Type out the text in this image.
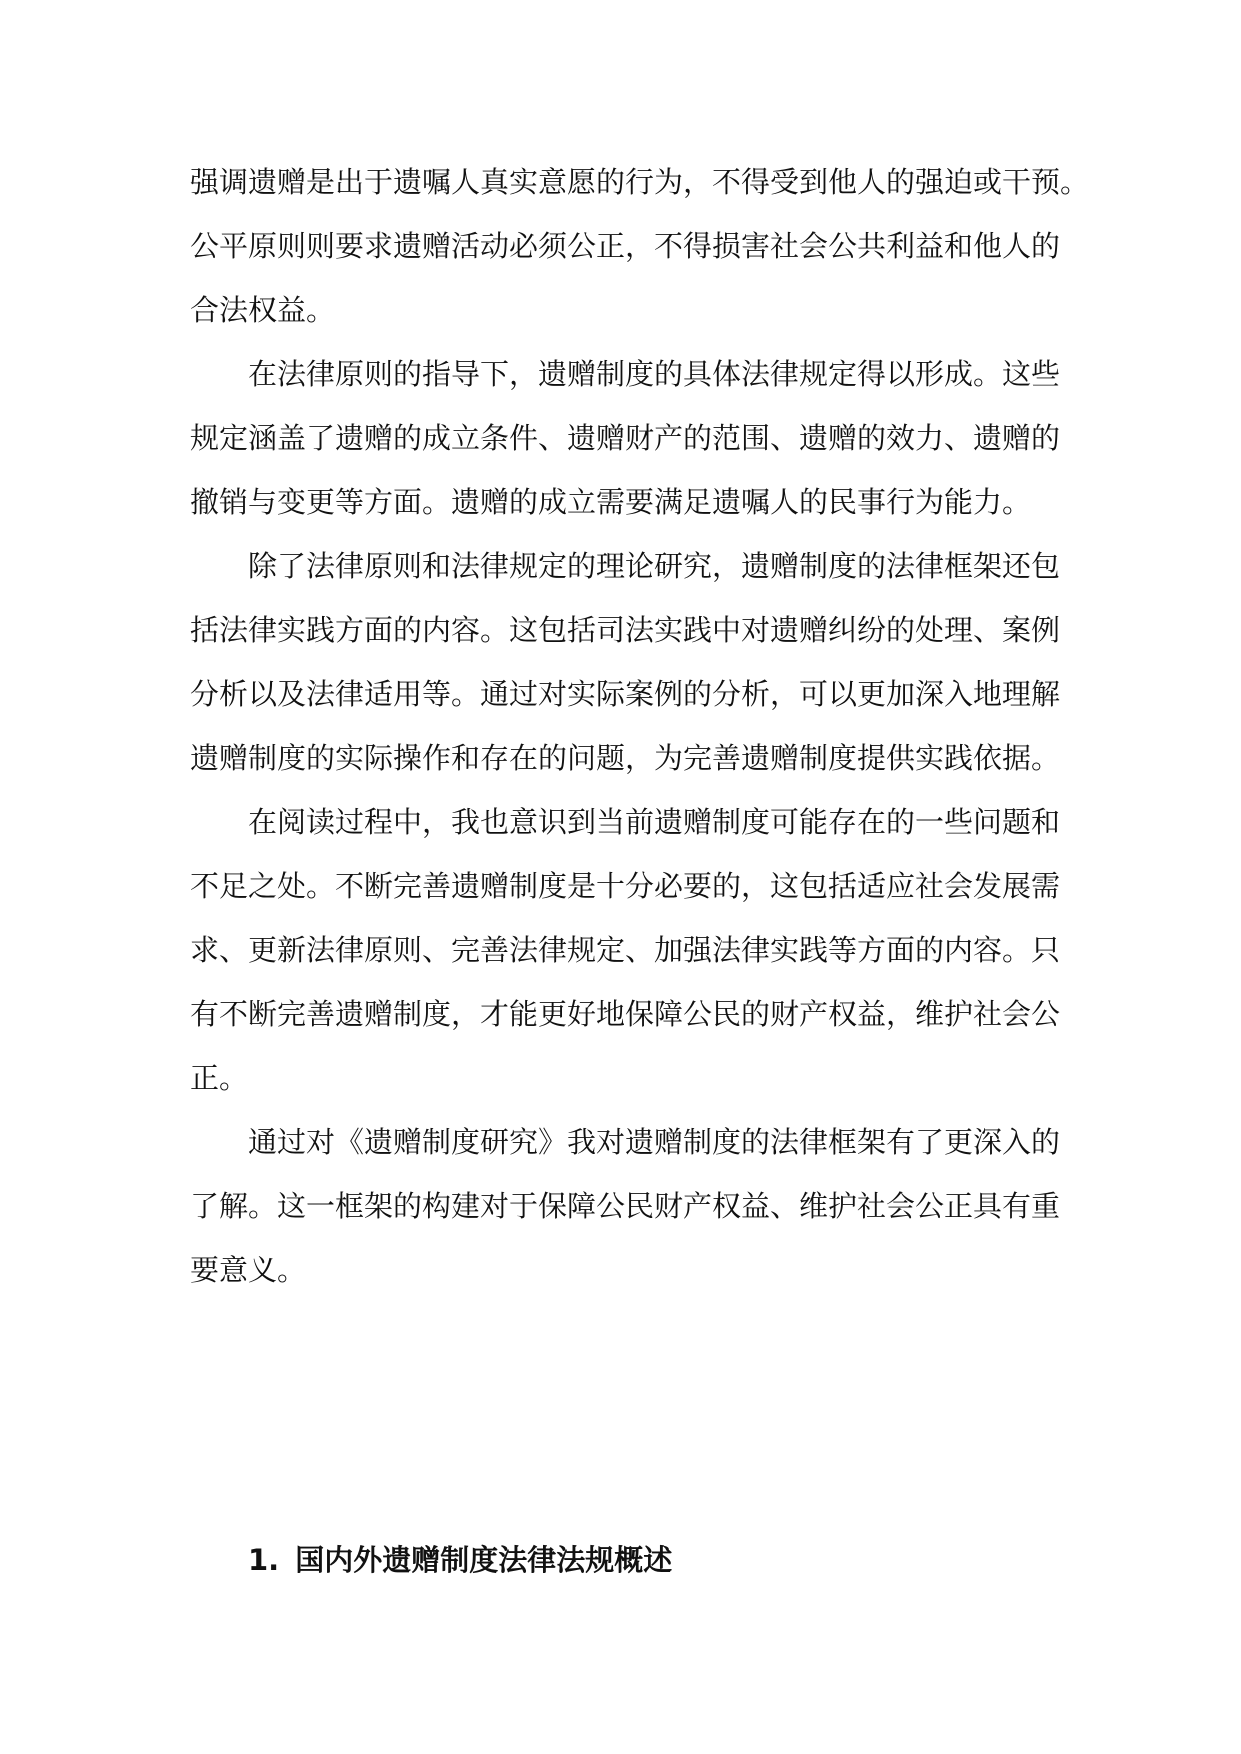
强调遗赠是出于遗嘱人真实意愿的行为，不得受到他人的强迫或干预。
公平原则则要求遗赠活动必须公正，不得损害社会公共利益和他人的
合法权益。
在法律原则的指导下，遗赠制度的具体法律规定得以形成。这些
规定涵盖了遗赠的成立条件、遗赠财产的范围、遗赠的效力、遗赠的
撤销与变更等方面。遗赠的成立需要满足遗嘱人的民事行为能力。
除了法律原则和法律规定的理论研究，遗赠制度的法律框架还包
括法律实践方面的内容。这包括司法实践中对遗赠纠纷的处理、案例
分析以及法律适用等。通过对实际案例的分析，可以更加深入地理解
遗赠制度的实际操作和存在的问题，为完善遗赠制度提供实践依据。
在阅读过程中，我也意识到当前遗赠制度可能存在的一些问题和
不足之处。不断完善遗赠制度是十分必要的，这包括适应社会发展需
求、更新法律原则、完善法律规定、加强法律实践等方面的内容。只
有不断完善遗赠制度，才能更好地保障公民的财产权益，维护社会公
正。
通过对《遗赠制度研究》我对遗赠制度的法律框架有了更深入的
了解。这一框架的构建对于保障公民财产权益、维护社会公正具有重
要意义。
1. 国内外遗赠制度法律法规概述
